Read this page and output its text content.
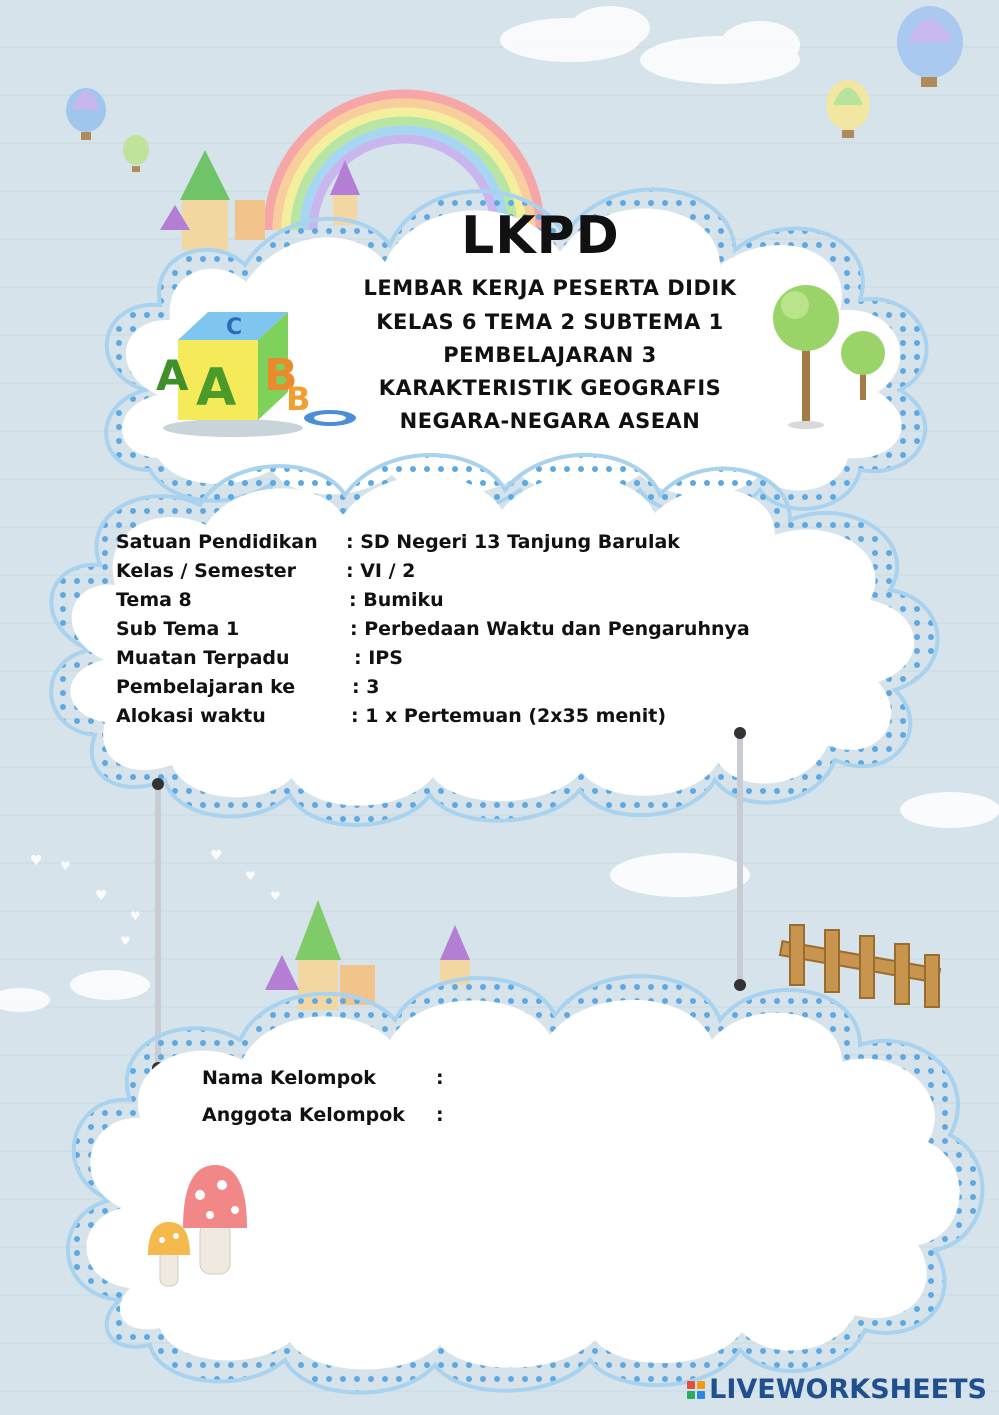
♥ ♥
♥
♥
♥
♥
♥
♥
A
A B
B
C
LKPD
LEMBAR KERJA PESERTA DIDIK
KELAS 6 TEMA 2 SUBTEMA 1
PEMBELAJARAN 3
KARAKTERISTIK GEOGRAFIS
NEGARA-NEGARA ASEAN
Satuan Pendidikan : SD Negeri 13 Tanjung Barulak
Kelas / Semester	: VI / 2
Tema 8	: Bumiku
Sub Tema 1	: Perbedaan Waktu dan Pengaruhnya
Muatan Terpadu	: IPS
Pembelajaran ke	: 3
Alokasi waktu	: 1 x Pertemuan (2x35 menit)
Nama Kelompok	:
Anggota Kelompok :
LIVEWORKSHEETS
